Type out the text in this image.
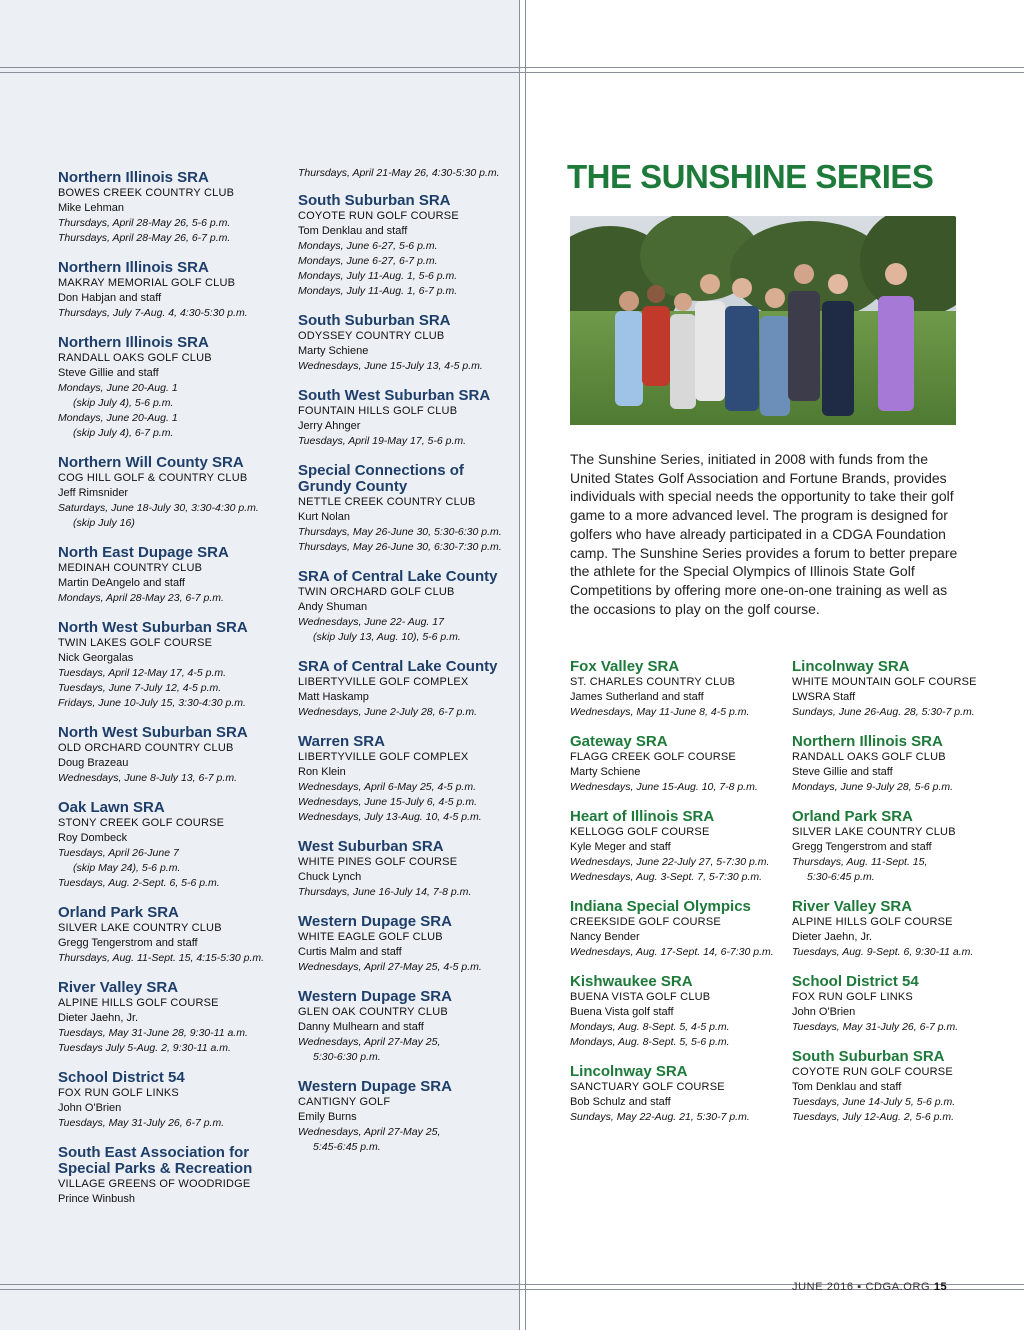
Northern Illinois SRA
BOWES CREEK COUNTRY CLUB
Mike Lehman
Thursdays, April 28-May 26, 5-6 p.m.
Thursdays, April 28-May 26, 6-7 p.m.
Northern Illinois SRA
MAKRAY MEMORIAL GOLF CLUB
Don Habjan and staff
Thursdays, July 7-Aug. 4, 4:30-5:30 p.m.
Northern Illinois SRA
RANDALL OAKS GOLF CLUB
Steve Gillie and staff
Mondays, June 20-Aug. 1
(skip July 4), 5-6 p.m.
Mondays, June 20-Aug. 1
(skip July 4), 6-7 p.m.
Northern Will County SRA
COG HILL GOLF & COUNTRY CLUB
Jeff Rimsnider
Saturdays, June 18-July 30, 3:30-4:30 p.m.
(skip July 16)
North East Dupage SRA
MEDINAH COUNTRY CLUB
Martin DeAngelo and staff
Mondays, April 28-May 23, 6-7 p.m.
North West Suburban SRA
TWIN LAKES GOLF COURSE
Nick Georgalas
Tuesdays, April 12-May 17, 4-5 p.m.
Tuesdays, June 7-July 12, 4-5 p.m.
Fridays, June 10-July 15, 3:30-4:30 p.m.
North West Suburban SRA
OLD ORCHARD COUNTRY CLUB
Doug Brazeau
Wednesdays, June 8-July 13, 6-7 p.m.
Oak Lawn SRA
STONY CREEK GOLF COURSE
Roy Dombeck
Tuesdays, April 26-June 7
(skip May 24), 5-6 p.m.
Tuesdays, Aug. 2-Sept. 6, 5-6 p.m.
Orland Park SRA
SILVER LAKE COUNTRY CLUB
Gregg Tengerstrom and staff
Thursdays, Aug. 11-Sept. 15, 4:15-5:30 p.m.
River Valley SRA
ALPINE HILLS GOLF COURSE
Dieter Jaehn, Jr.
Tuesdays, May 31-June 28, 9:30-11 a.m.
Tuesdays July 5-Aug. 2, 9:30-11 a.m.
School District 54
FOX RUN GOLF LINKS
John O'Brien
Tuesdays, May 31-July 26, 6-7 p.m.
South East Association for Special Parks & Recreation
VILLAGE GREENS OF WOODRIDGE
Prince Winbush
Thursdays, April 21-May 26, 4:30-5:30 p.m.
South Suburban SRA
COYOTE RUN GOLF COURSE
Tom Denklau and staff
Mondays, June 6-27, 5-6 p.m.
Mondays, June 6-27, 6-7 p.m.
Mondays, July 11-Aug. 1, 5-6 p.m.
Mondays, July 11-Aug. 1, 6-7 p.m.
South Suburban SRA
ODYSSEY COUNTRY CLUB
Marty Schiene
Wednesdays, June 15-July 13, 4-5 p.m.
South West Suburban SRA
FOUNTAIN HILLS GOLF CLUB
Jerry Ahnger
Tuesdays, April 19-May 17, 5-6 p.m.
Special Connections of Grundy County
NETTLE CREEK COUNTRY CLUB
Kurt Nolan
Thursdays, May 26-June 30, 5:30-6:30 p.m.
Thursdays, May 26-June 30, 6:30-7:30 p.m.
SRA of Central Lake County
TWIN ORCHARD GOLF CLUB
Andy Shuman
Wednesdays, June 22- Aug. 17
(skip July 13, Aug. 10), 5-6 p.m.
SRA of Central Lake County
LIBERTYVILLE GOLF COMPLEX
Matt Haskamp
Wednesdays, June 2-July 28, 6-7 p.m.
Warren SRA
LIBERTYVILLE GOLF COMPLEX
Ron Klein
Wednesdays, April 6-May 25, 4-5 p.m.
Wednesdays, June 15-July 6, 4-5 p.m.
Wednesdays, July 13-Aug. 10, 4-5 p.m.
West Suburban SRA
WHITE PINES GOLF COURSE
Chuck Lynch
Thursdays, June 16-July 14, 7-8 p.m.
Western Dupage SRA
WHITE EAGLE GOLF CLUB
Curtis Malm and staff
Wednesdays, April 27-May 25, 4-5 p.m.
Western Dupage SRA
GLEN OAK COUNTRY CLUB
Danny Mulhearn and staff
Wednesdays, April 27-May 25,
5:30-6:30 p.m.
Western Dupage SRA
CANTIGNY GOLF
Emily Burns
Wednesdays, April 27-May 25,
5:45-6:45 p.m.
THE SUNSHINE SERIES
The Sunshine Series, initiated in 2008 with funds from the United States Golf Association and Fortune Brands, provides individuals with special needs the opportunity to take their golf game to a more advanced level. The program is designed for golfers who have already participated in a CDGA Foundation camp. The Sunshine Series provides a forum to better prepare the athlete for the Special Olympics of Illinois State Golf Competitions by offering more one-on-one training as well as the occasions to play on the golf course.
Fox Valley SRA
ST. CHARLES COUNTRY CLUB
James Sutherland and staff
Wednesdays, May 11-June 8, 4-5 p.m.
Gateway SRA
FLAGG CREEK GOLF COURSE
Marty Schiene
Wednesdays, June 15-Aug. 10, 7-8 p.m.
Heart of Illinois SRA
KELLOGG GOLF COURSE
Kyle Meger and staff
Wednesdays, June 22-July 27, 5-7:30 p.m.
Wednesdays, Aug. 3-Sept. 7, 5-7:30 p.m.
Indiana Special Olympics
CREEKSIDE GOLF COURSE
Nancy Bender
Wednesdays, Aug. 17-Sept. 14, 6-7:30 p.m.
Kishwaukee SRA
BUENA VISTA GOLF CLUB
Buena Vista golf staff
Mondays, Aug. 8-Sept. 5, 4-5 p.m.
Mondays, Aug. 8-Sept. 5, 5-6 p.m.
Lincolnway SRA
SANCTUARY GOLF COURSE
Bob Schulz and staff
Sundays, May 22-Aug. 21, 5:30-7 p.m.
Lincolnway SRA
WHITE MOUNTAIN GOLF COURSE
LWSRA Staff
Sundays, June 26-Aug. 28, 5:30-7 p.m.
Northern Illinois SRA
RANDALL OAKS GOLF CLUB
Steve Gillie and staff
Mondays, June 9-July 28, 5-6 p.m.
Orland Park SRA
SILVER LAKE COUNTRY CLUB
Gregg Tengerstrom and staff
Thursdays, Aug. 11-Sept. 15,
5:30-6:45 p.m.
River Valley SRA
ALPINE HILLS GOLF COURSE
Dieter Jaehn, Jr.
Tuesdays, Aug. 9-Sept. 6, 9:30-11 a.m.
School District 54
FOX RUN GOLF LINKS
John O'Brien
Tuesdays, May 31-July 26, 6-7 p.m.
South Suburban SRA
COYOTE RUN GOLF COURSE
Tom Denklau and staff
Tuesdays, June 14-July 5, 5-6 p.m.
Tuesdays, July 12-Aug. 2, 5-6 p.m.
JUNE 2016 ▪ CDGA.ORG 15
